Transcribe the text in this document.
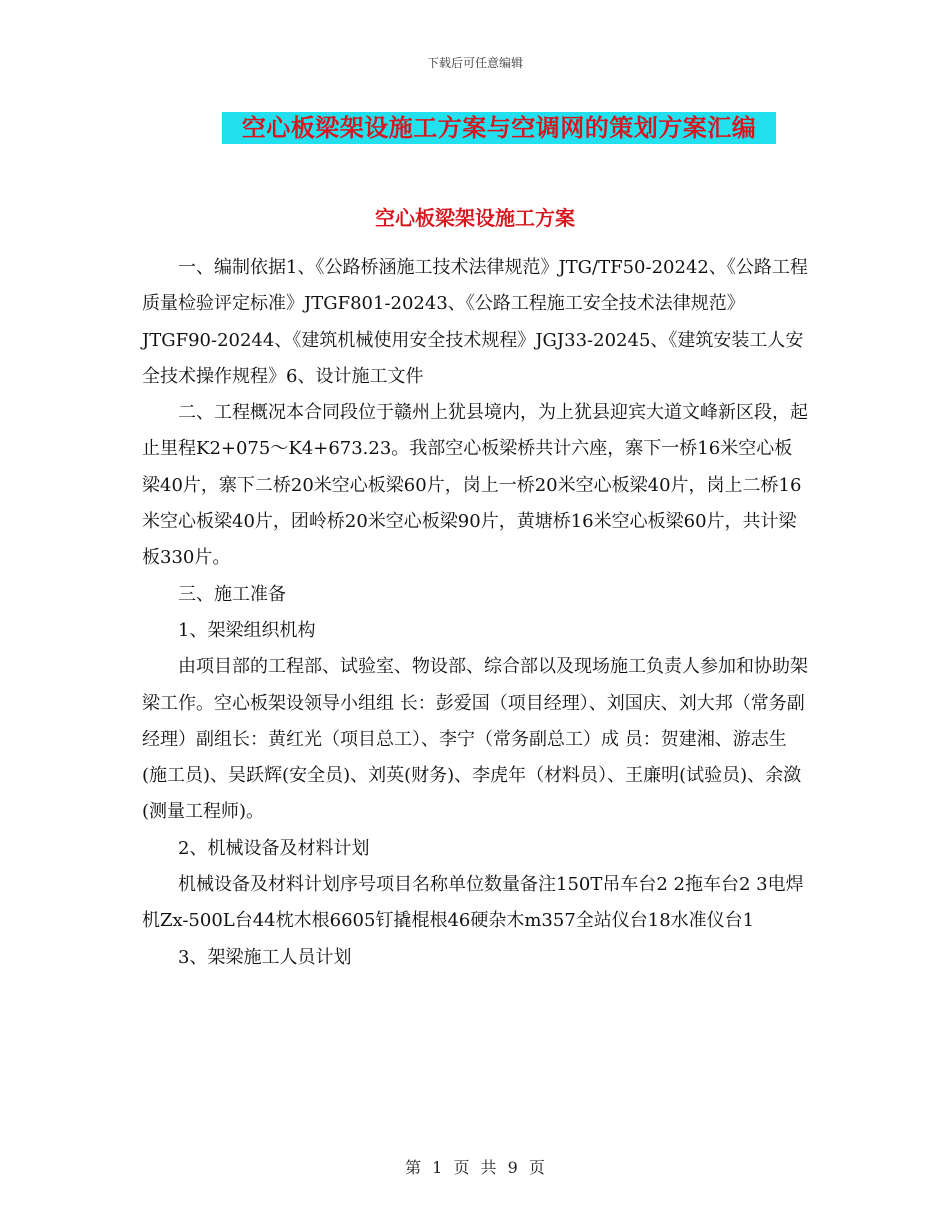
下载后可任意编辑
空心板梁架设施工方案与空调网的策划方案汇编
空心板梁架设施工方案

一、编制依据1、《公路桥涵施工技术法律规范》JTG/TF50-20242、《公路工程质量检验评定标准》JTGF801-20243、《公路工程施工安全技术法律规范》JTGF90-20244、《建筑机械使用安全技术规程》JGJ33-20245、《建筑安装工人安全技术操作规程》6、设计施工文件

二、工程概况本合同段位于赣州上犹县境内，为上犹县迎宾大道文峰新区段，起止里程K2+075～K4+673.23。我部空心板梁桥共计六座，寨下一桥16米空心板梁40片，寨下二桥20米空心板梁60片，岗上一桥20米空心板梁40片，岗上二桥16米空心板梁40片，团岭桥20米空心板梁90片，黄塘桥16米空心板梁60片，共计梁板330片。

三、施工准备

1、架梁组织机构

由项目部的工程部、试验室、物设部、综合部以及现场施工负责人参加和协助架梁工作。空心板架设领导小组组 长：彭爱国（项目经理）、刘国庆、刘大邦（常务副经理）副组长：黄红光（项目总工）、李宁（常务副总工）成 员：贺建湘、游志生(施工员)、吴跃辉(安全员)、刘英(财务)、李虎年（材料员）、王廉明(试验员)、余潋(测量工程师)。

2、机械设备及材料计划

机械设备及材料计划序号项目名称单位数量备注150T吊车台2 2拖车台2 3电焊机Zx-500L台44枕木根6605钉撬棍根46硬杂木m357全站仪台18水准仪台1

3、架梁施工人员计划

第 1 页 共 9 页
